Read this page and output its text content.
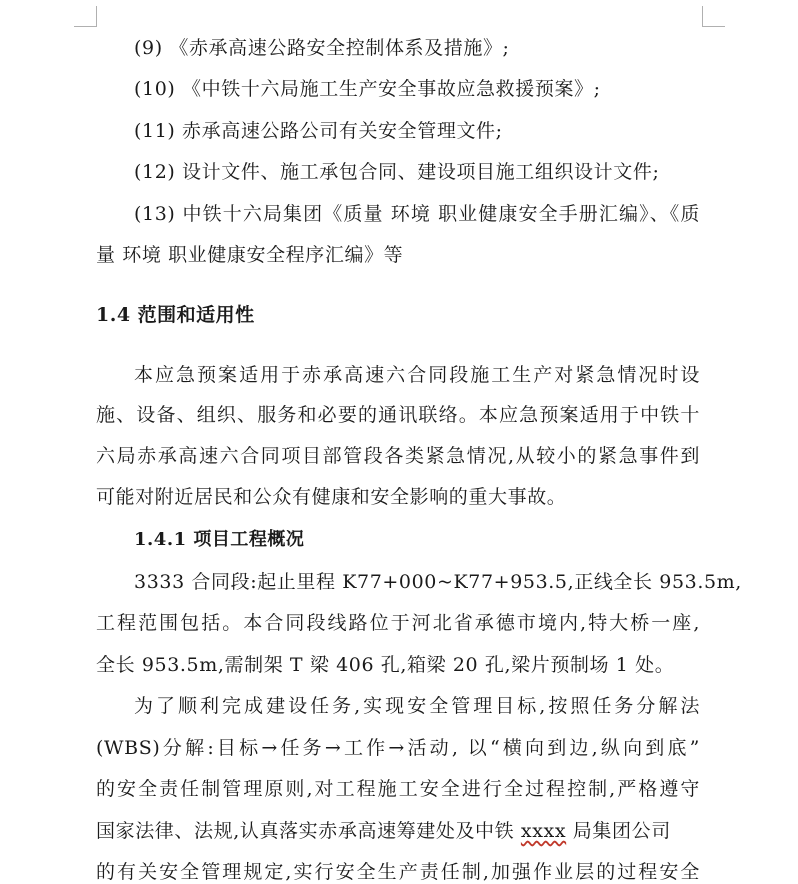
(9) 《赤承高速公路安全控制体系及措施》;
(10) 《中铁十六局施工生产安全事故应急救援预案》;
(11) 赤承高速公路公司有关安全管理文件;
(12) 设计文件、施工承包合同、建设项目施工组织设计文件;
(13) 中铁十六局集团《质量 环境 职业健康安全手册汇编》、《质
量 环境 职业健康安全程序汇编》等
1.4 范围和适用性
本应急预案适用于赤承高速六合同段施工生产对紧急情况时设
施、设备、组织、服务和必要的通讯联络。本应急预案适用于中铁十
六局赤承高速六合同项目部管段各类紧急情况,从较小的紧急事件到
可能对附近居民和公众有健康和安全影响的重大事故。
1.4.1 项目工程概况
3333 合同段:起止里程 K77+000~K77+953.5,正线全长 953.5m,
工程范围包括。本合同段线路位于河北省承德市境内,特大桥一座,
全长 953.5m,需制架 T 梁 406 孔,箱梁 20 孔,梁片预制场 1 处。
为了顺利完成建设任务,实现安全管理目标,按照任务分解法
(WBS)分解:目标→任务→工作→活动, 以“横向到边,纵向到底”
的安全责任制管理原则,对工程施工安全进行全过程控制,严格遵守
国家法律、法规,认真落实赤承高速筹建处及中铁 xxxx 局集团公司
的有关安全管理规定,实行安全生产责任制,加强作业层的过程安全
